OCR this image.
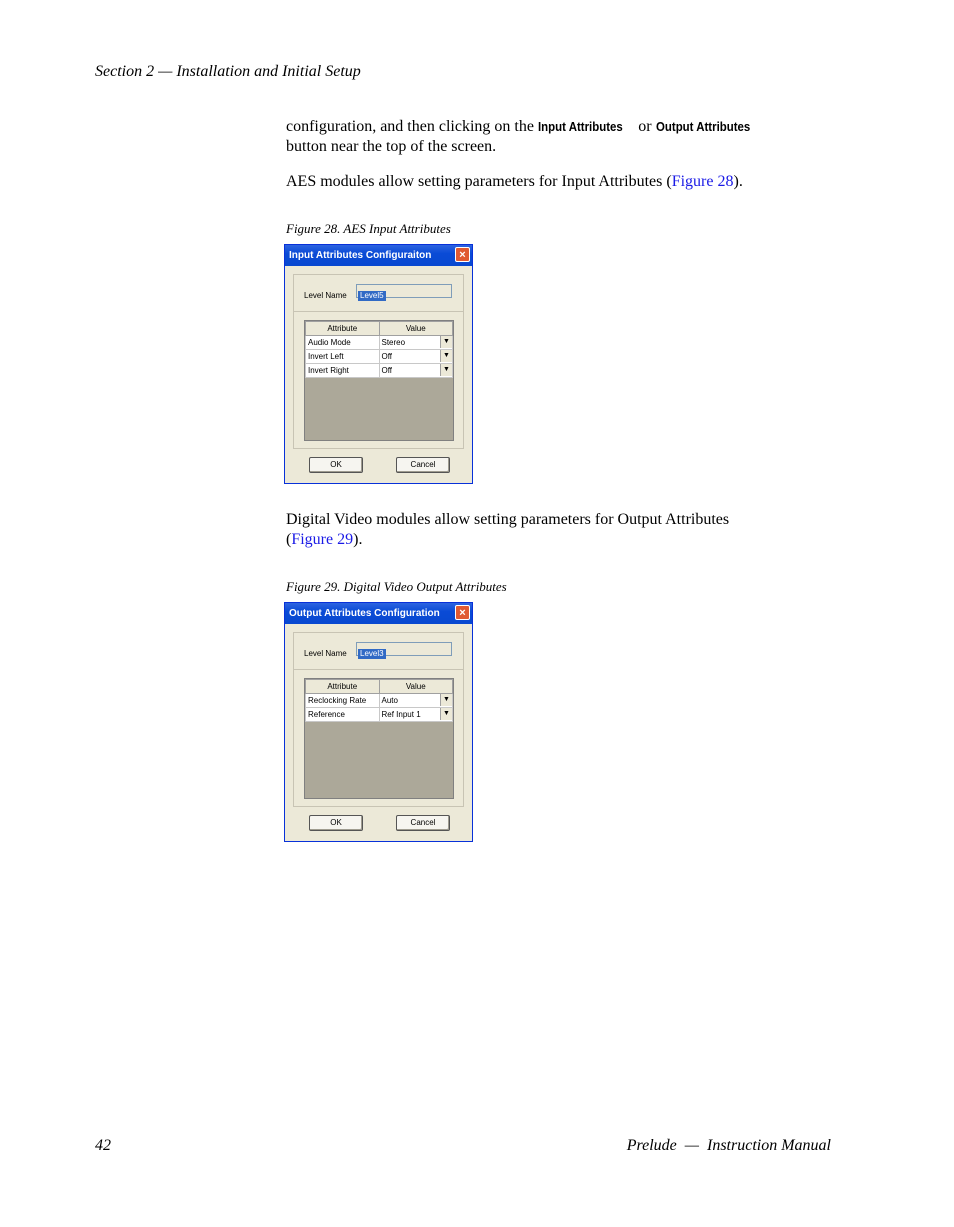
Section 2 — Installation and Initial Setup
configuration, and then clicking on the Input Attributes or Output Attributes
button near the top of the screen.
AES modules allow setting parameters for Input Attributes (Figure 28).
Figure 28. AES Input Attributes
Input Attributes Configuraiton	×
Level Name	Level5
Attribute	Value
Audio Mode	Stereo ▼

Invert Left	Off ▼

Invert Right	Off ▼
OK	Cancel
Digital Video modules allow setting parameters for Output Attributes
(Figure 29).
Figure 29. Digital Video Output Attributes
Output Attributes Configuration	×
Level Name	Level3
Attribute	Value
Reclocking Rate	Auto ▼

Reference	Ref Input 1 ▼
OK	Cancel
42	Prelude  —  Instruction Manual
